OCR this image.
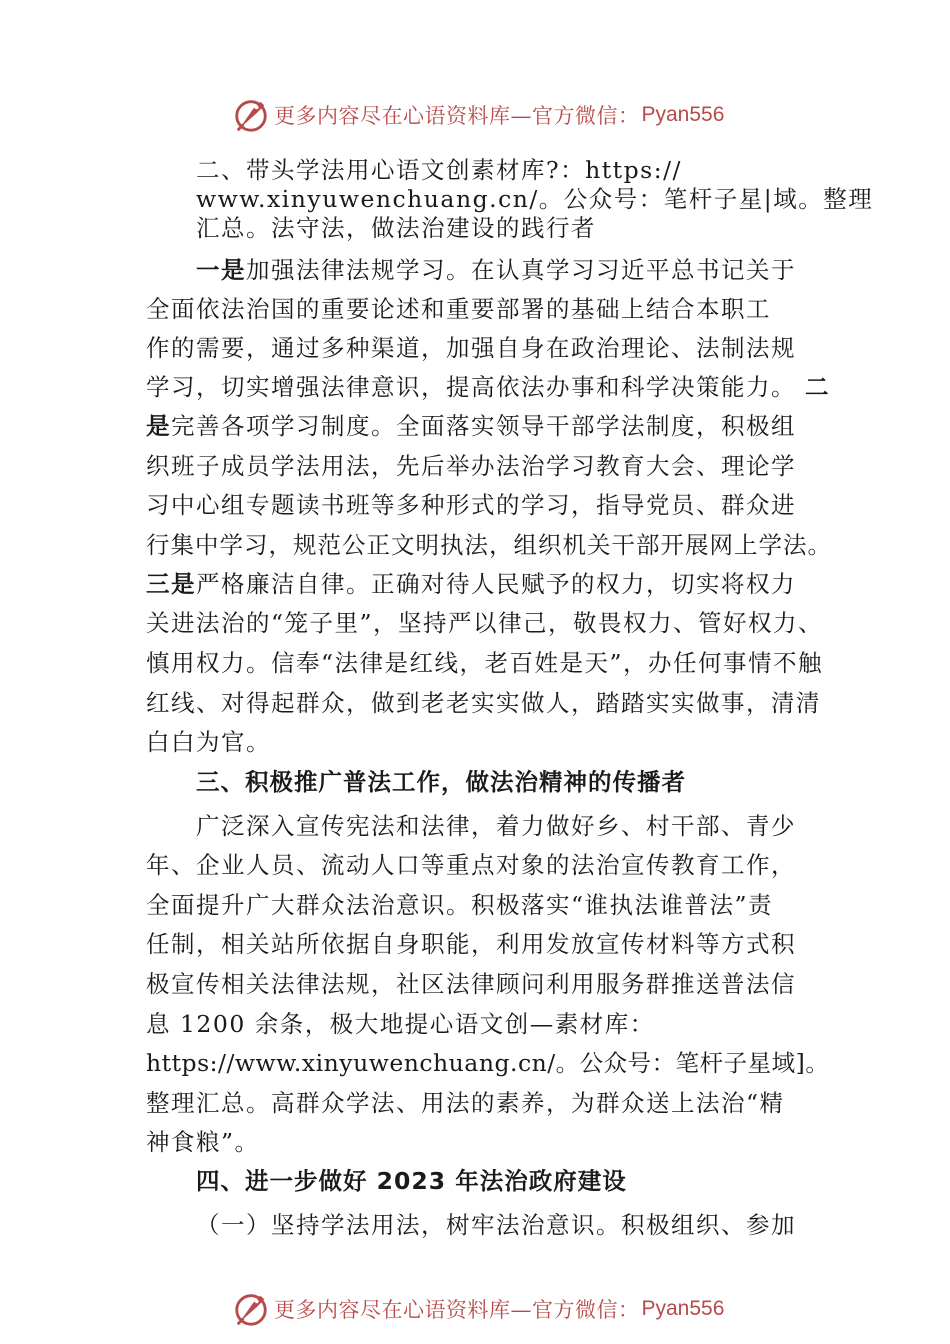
更多内容尽在心语资料库—官方微信： Pyan556
二、带头学法用心语文创素材库?：https://
www.xinyuwenchuang.cn/。公众号：笔杆子星|域。整理
汇总。法守法，做法治建设的践行者
一是加强法律法规学习。在认真学习习近平总书记关于
全面依法治国的重要论述和重要部署的基础上结合本职工
作的需要，通过多种渠道，加强自身在政治理论、法制法规
学习，切实增强法律意识，提高依法办事和科学决策能力。 二
是完善各项学习制度。全面落实领导干部学法制度，积极组
织班子成员学法用法，先后举办法治学习教育大会、理论学
习中心组专题读书班等多种形式的学习，指导党员、群众进
行集中学习，规范公正文明执法，组织机关干部开展网上学法。
三是严格廉洁自律。正确对待人民赋予的权力，切实将权力
关进法治的“笼子里”，坚持严以律己，敬畏权力、管好权力、
慎用权力。信奉“法律是红线，老百姓是天”，办任何事情不触
红线、对得起群众，做到老老实实做人，踏踏实实做事，清清
白白为官。
三、积极推广普法工作，做法治精神的传播者
广泛深入宣传宪法和法律，着力做好乡、村干部、青少
年、企业人员、流动人口等重点对象的法治宣传教育工作，
全面提升广大群众法治意识。积极落实“谁执法谁普法”责
任制，相关站所依据自身职能，利用发放宣传材料等方式积
极宣传相关法律法规，社区法律顾问利用服务群推送普法信
息 1200 余条，极大地提心语文创—素材库：
https://www.xinyuwenchuang.cn/。公众号：笔杆子星域]。
整理汇总。高群众学法、用法的素养，为群众送上法治“精
神食粮”。
四、进一步做好 2023 年法治政府建设
（一）坚持学法用法，树牢法治意识。积极组织、参加
更多内容尽在心语资料库—官方微信： Pyan556
